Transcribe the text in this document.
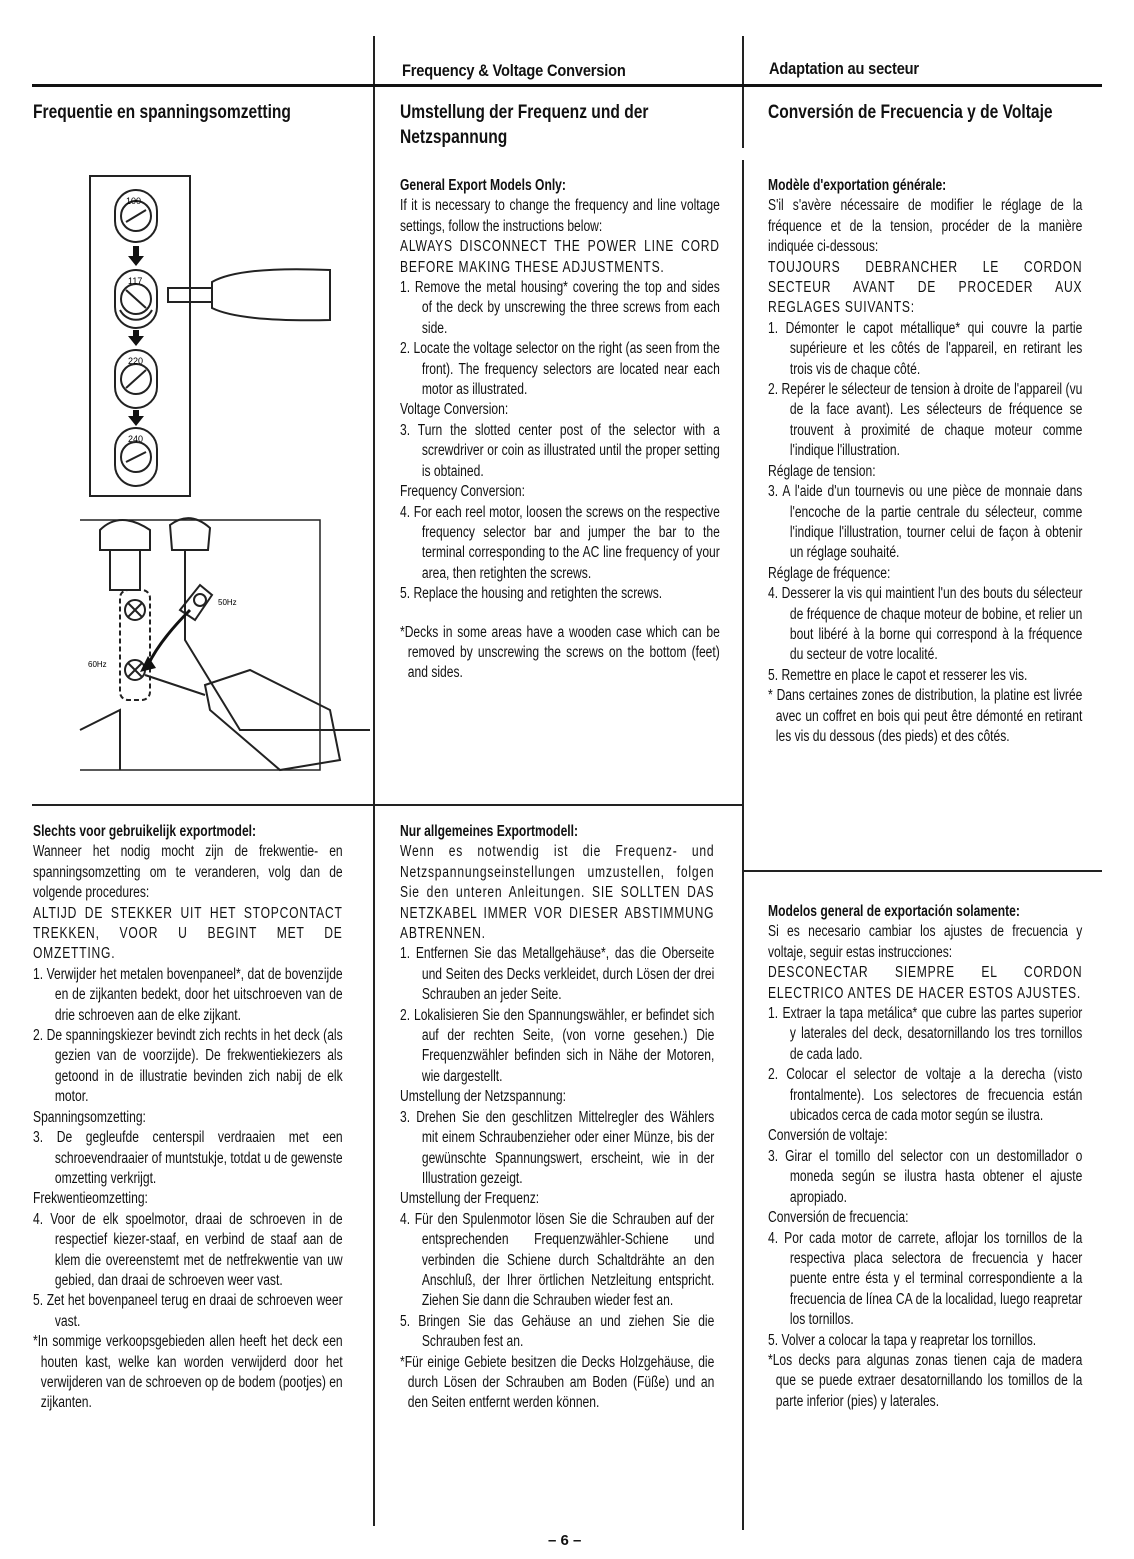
Frequency & Voltage Conversion	Adaptation au secteur
Frequentie en spanningsomzetting	Umstellung der Frequenz und der Netzspannung
Conversión de Frecuencia y de Voltaje
100
117
220
240
50Hz
60Hz

General Export Models Only:

If it is necessary to change the frequency and line voltage settings, follow the instructions below:

ALWAYS DISCONNECT THE POWER LINE CORD BEFORE MAKING THESE ADJUSTMENTS.

1. Remove the metal housing* covering the top and sides of the deck by unscrewing the three screws from each side.

2. Locate the voltage selector on the right (as seen from the front). The frequency selectors are located near each motor as illustrated.

Voltage Conversion:

3. Turn the slotted center post of the selector with a screwdriver or coin as illustrated until the proper setting is obtained.

Frequency Conversion:

4. For each reel motor, loosen the screws on the respective frequency selector bar and jumper the bar to the terminal corresponding to the AC line frequency of your area, then retighten the screws.

5. Replace the housing and retighten the screws.

*Decks in some areas have a wooden case which can be removed by unscrewing the screws on the bottom (feet) and sides.

Modèle d'exportation générale:

S'il s'avère nécessaire de modifier le réglage de la fréquence et de la tension, procéder de la manière indiquée ci-dessous:

TOUJOURS DEBRANCHER LE CORDON SECTEUR AVANT DE PROCEDER AUX REGLAGES SUIVANTS:

1. Démonter le capot métallique* qui couvre la partie supérieure et les côtés de l'appareil, en retirant les trois vis de chaque côté.

2. Repérer le sélecteur de tension à droite de l'appareil (vu de la face avant). Les sélecteurs de fréquence se trouvent à proximité de chaque moteur comme l'indique l'illustration.

Réglage de tension:

3. A l'aide d'un tournevis ou une pièce de monnaie dans l'encoche de la partie centrale du sélecteur, comme l'indique l'illustration, tourner celui de façon à obtenir un réglage souhaité.

Réglage de fréquence:

4. Desserer la vis qui maintient l'un des bouts du sélecteur de fréquence de chaque moteur de bobine, et relier un bout libéré à la borne qui correspond à la fréquence du secteur de votre localité.

5. Remettre en place le capot et resserer les vis.

* Dans certaines zones de distribution, la platine est livrée avec un coffret en bois qui peut être démonté en retirant les vis du dessous (des pieds) et des côtés.

Slechts voor gebruikelijk exportmodel:

Wanneer het nodig mocht zijn de frekwentie- en spanningsomzetting om te veranderen, volg dan de volgende procedures:

ALTIJD DE STEKKER UIT HET STOPCONTACT TREKKEN, VOOR U BEGINT MET DE OMZETTING.

1. Verwijder het metalen bovenpaneel*, dat de bovenzijde en de zijkanten bedekt, door het uitschroeven van de drie schroeven aan de elke zijkant.

2. De spanningskiezer bevindt zich rechts in het deck (als gezien van de voorzijde). De frekwentiekiezers als getoond in de illustratie bevinden zich nabij de elk motor.

Spanningsomzetting:

3. De gegleufde centerspil verdraaien met een schroevendraaier of muntstukje, totdat u de gewenste omzetting verkrijgt.

Frekwentieomzetting:

4. Voor de elk spoelmotor, draai de schroeven in de respectief kiezer-staaf, en verbind de staaf aan de klem die overeenstemt met de netfrekwentie van uw gebied, dan draai de schroeven weer vast.

5. Zet het bovenpaneel terug en draai de schroeven weer vast.

*In sommige verkoopsgebieden allen heeft het deck een houten kast, welke kan worden verwijderd door het verwijderen van de schroeven op de bodem (pootjes) en zijkanten.

Nur allgemeines Exportmodell:

Wenn es notwendig ist die Frequenz- und Netzspannungseinstellungen umzustellen, folgen Sie den unteren Anleitungen. SIE SOLLTEN DAS NETZKABEL IMMER VOR DIESER ABSTIMMUNG ABTRENNEN.

1. Entfernen Sie das Metallgehäuse*, das die Oberseite und Seiten des Decks verkleidet, durch Lösen der drei Schrauben an jeder Seite.

2. Lokalisieren Sie den Spannungswähler, er befindet sich auf der rechten Seite, (von vorne gesehen.) Die Frequenzwähler befinden sich in Nähe der Motoren, wie dargestellt.

Umstellung der Netzspannung:

3. Drehen Sie den geschlitzen Mittelregler des Wählers mit einem Schraubenzieher oder einer Münze, bis der gewünschte Spannungswert, erscheint, wie in der Illustration gezeigt.

Umstellung der Frequenz:

4. Für den Spulenmotor lösen Sie die Schrauben auf der entsprechenden Frequenzwähler-Schiene und verbinden die Schiene durch Schaltdrähte an den Anschluß, der Ihrer örtlichen Netzleitung entspricht. Ziehen Sie dann die Schrauben wieder fest an.

5. Bringen Sie das Gehäuse an und ziehen Sie die Schrauben fest an.

*Für einige Gebiete besitzen die Decks Holzgehäuse, die durch Lösen der Schrauben am Boden (Füße) und an den Seiten entfernt werden können.

Modelos general de exportación solamente:

Si es necesario cambiar los ajustes de frecuencia y voltaje, seguir estas instrucciones:

DESCONECTAR SIEMPRE EL CORDON ELECTRICO ANTES DE HACER ESTOS AJUSTES.

1. Extraer la tapa metálica* que cubre las partes superior y laterales del deck, desatornillando los tres tornillos de cada lado.

2. Colocar el selector de voltaje a la derecha (visto frontalmente). Los selectores de frecuencia están ubicados cerca de cada motor según se ilustra.

Conversión de voltaje:

3. Girar el tomillo del selector con un destomillador o moneda según se ilustra hasta obtener el ajuste apropiado.

Conversión de frecuencia:

4. Por cada motor de carrete, aflojar los tornillos de la respectiva placa selectora de frecuencia y hacer puente entre ésta y el terminal correspondiente a la frecuencia de línea CA de la localidad, luego reapretar los tornillos.

5. Volver a colocar la tapa y reapretar los tornillos.

*Los decks para algunas zonas tienen caja de madera que se puede extraer desatornillando los tomillos de la parte inferior (pies) y laterales.

– 6 –
